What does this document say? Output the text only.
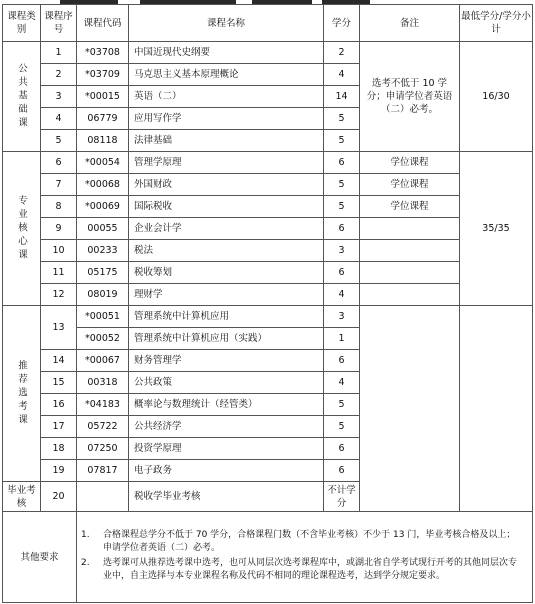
课程类别	课程序号	课程代码	课程名称	学分	备注	最低学分/学分小计
公共基础课	1	*03708	中国近现代史纲要	2	选考不低于 10 学分；申请学位者英语（二）必考。	16/30
	2	*03709	马克思主义基本原理概论	4		
	3	*00015	英语（二）	14		
	4	06779	应用写作学	5		
	5	08118	法律基础	5		
专业核心课	6	*00054	管理学原理	6	学位课程	35/35
	7	*00068	外国财政	5	学位课程	
	8	*00069	国际税收	5	学位课程	
	9	00055	企业会计学	6		
	10	00233	税法	3		
	11	05175	税收筹划	6		
	12	08019	理财学	4		
推荐选考课	13	*00051	管理系统中计算机应用	3		
		*00052	管理系统中计算机应用（实践）	1		
	14	*00067	财务管理学	6		
	15	00318	公共政策	4		
	16	*04183	概率论与数理统计（经管类）	5		
	17	05722	公共经济学	5		
	18	07250	投资学原理	6		
	19	07817	电子政务	6		
毕业考核	20		税收学毕业考核	不计学分		
其他要求		1. 合格课程总学分不低于 70 学分，合格课程门数（不含毕业考核）不少于 13 门，毕业考核合格及以上；申请学位者英语（二）必考。
2. 选考课可从推荐选考课中选考，也可从同层次选考课程库中，或湖北省自学考试现行开考的其他同层次专业中，自主选择与本专业课程名称及代码不相同的理论课程选考，达到学分规定要求。				
